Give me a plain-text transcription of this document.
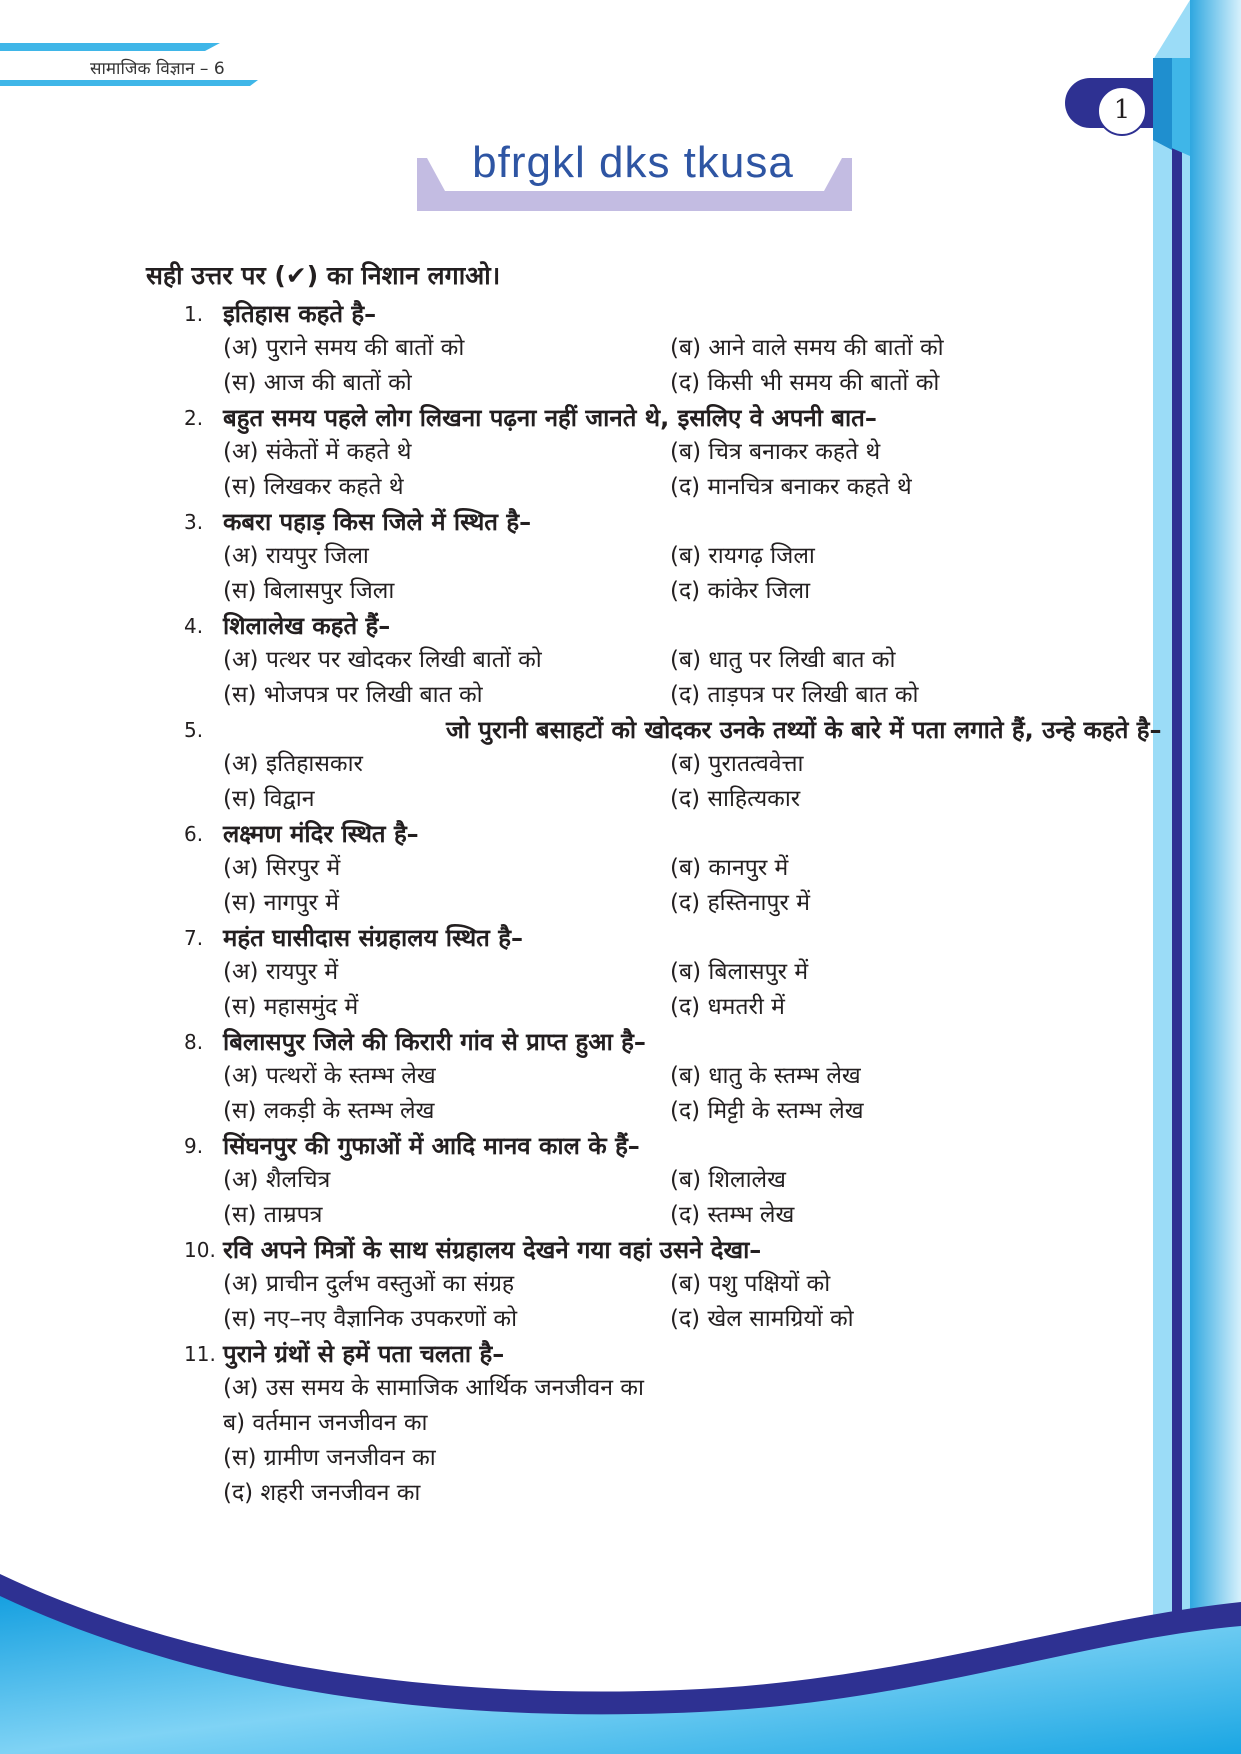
सामाजिक विज्ञान – 6
1
bfrgkl dks tkusa
सही उत्तर पर (✔) का निशान लगाओ।
1. इतिहास कहते है–
(अ) पुराने समय की बातों को	(ब) आने वाले समय की बातों को
(स) आज की बातों को	(द) किसी भी समय की बातों को
2. बहुत समय पहले लोग लिखना पढ़ना नहीं जानते थे, इसलिए वे अपनी बात–
(अ) संकेतों में कहते थे	(ब) चित्र बनाकर कहते थे
(स) लिखकर कहते थे	(द) मानचित्र बनाकर कहते थे
3. कबरा पहाड़ किस जिले में स्थित है–
(अ) रायपुर जिला	(ब) रायगढ़ जिला
(स) बिलासपुर जिला	(द) कांकेर जिला
4. शिलालेख कहते हैं–
(अ) पत्थर पर खोदकर लिखी बातों को	(ब) धातु पर लिखी बात को
(स) भोजपत्र पर लिखी बात को	(द) ताड़पत्र पर लिखी बात को
5.	जो पुरानी बसाहटों को खोदकर उनके तथ्यों के बारे में पता लगाते हैं, उन्हे कहते है–
(अ) इतिहासकार	(ब) पुरातत्ववेत्ता
(स) विद्वान	(द) साहित्यकार
6. लक्ष्मण मंदिर स्थित है–
(अ) सिरपुर में	(ब) कानपुर में
(स) नागपुर में	(द) हस्तिनापुर में
7. महंत घासीदास संग्रहालय स्थित है–
(अ) रायपुर में	(ब) बिलासपुर में
(स) महासमुंद में	(द) धमतरी में
8. बिलासपुर जिले की किरारी गांव से प्राप्त हुआ है–
(अ) पत्थरों के स्तम्भ लेख	(ब) धातु के स्तम्भ लेख
(स) लकड़ी के स्तम्भ लेख	(द) मिट्टी के स्तम्भ लेख
9. सिंघनपुर की गुफाओं में आदि मानव काल के हैं–
(अ) शैलचित्र	(ब) शिलालेख
(स) ताम्रपत्र	(द) स्तम्भ लेख
10. रवि अपने मित्रों के साथ संग्रहालय देखने गया वहां उसने देखा–
(अ) प्राचीन दुर्लभ वस्तुओं का संग्रह	(ब) पशु पक्षियों को
(स) नए–नए वैज्ञानिक उपकरणों को	(द) खेल सामग्रियों को
11. पुराने ग्रंथों से हमें पता चलता है–
(अ) उस समय के सामाजिक आर्थिक जनजीवन का
ब) वर्तमान जनजीवन का
(स) ग्रामीण जनजीवन का
(द) शहरी जनजीवन का
